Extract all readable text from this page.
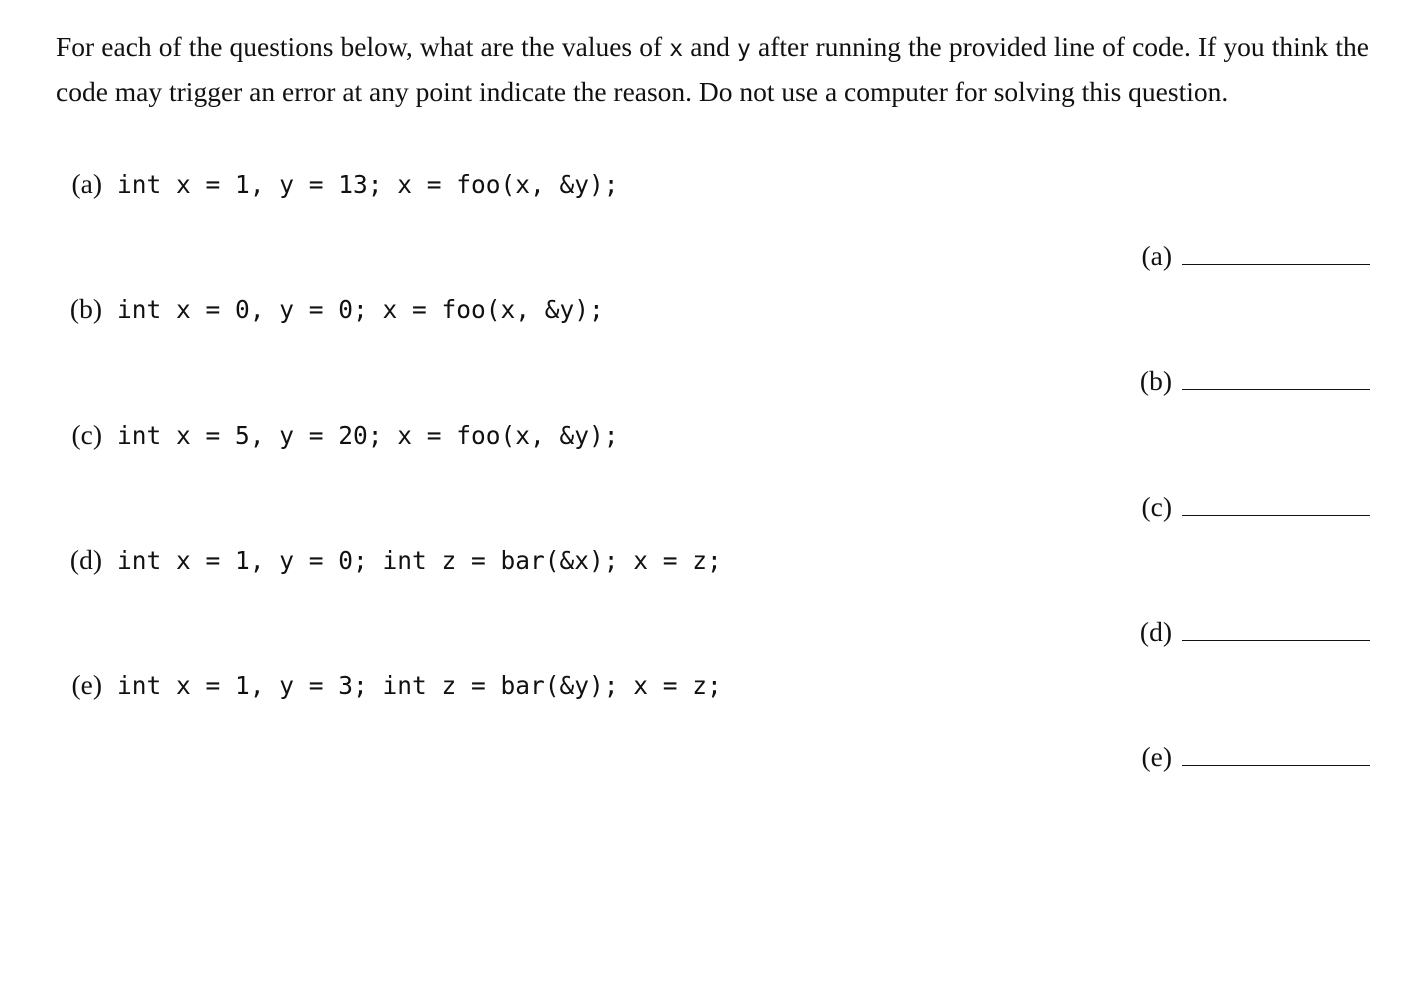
For each of the questions below, what are the values of x and y after running the provided line of code. If you think the code may trigger an error at any point indicate the reason. Do not use a computer for solving this question.

(a)

int x = 1, y = 13; x = foo(x, &y);

(a)

(b)

int x = 0, y = 0; x = foo(x, &y);

(b)

(c)

int x = 5, y = 20; x = foo(x, &y);

(c)

(d)

int x = 1, y = 0; int z = bar(&x); x = z;

(d)

(e)

int x = 1, y = 3; int z = bar(&y); x = z;

(e)
